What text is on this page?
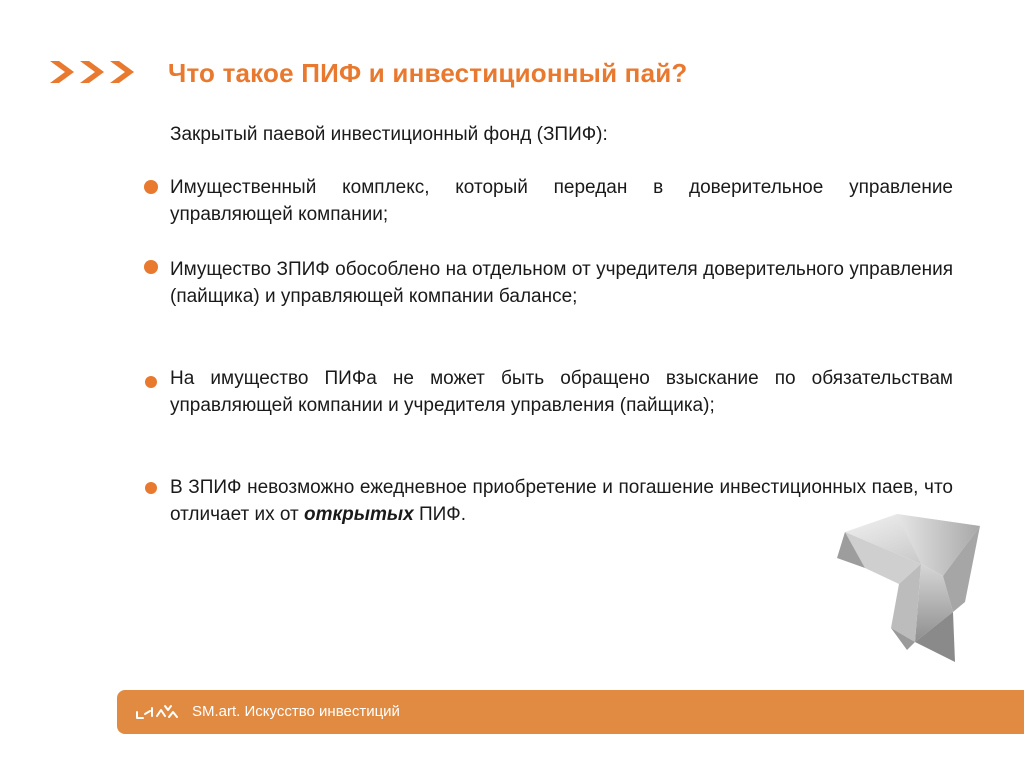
Что такое ПИФ и инвестиционный пай?

Закрытый паевой инвестиционный фонд (ЗПИФ):

Имущественный комплекс, который передан в доверительное управление управляющей компании;

Имущество ЗПИФ обособлено на отдельном от учредителя доверительного управления (пайщика) и управляющей компании балансе;

На имущество ПИФа не может быть обращено взыскание по обязательствам управляющей компании и учредителя управления (пайщика);

В ЗПИФ невозможно ежедневное приобретение и погашение инвестиционных паев, что отличает их от открытых ПИФ.

SM.art. Искусство инвестиций
